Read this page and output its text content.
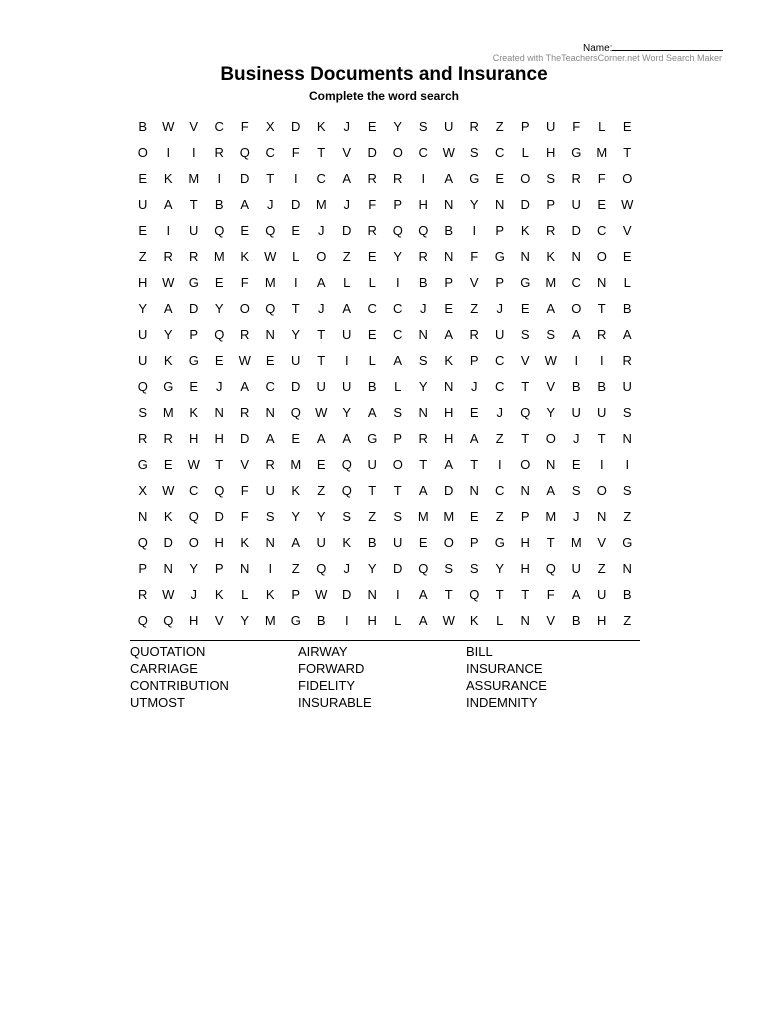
Name:
Created with TheTeachersCorner.net Word Search Maker
Business Documents and Insurance
Complete the word search
B	W	V	C	F	X	D	K	J	E	Y	S	U	R	Z	P	U	F	L	E
O	I	I	R	Q	C	F	T	V	D	O	C	W	S	C	L	H	G	M	T
E	K	M	I	D	T	I	C	A	R	R	I	A	G	E	O	S	R	F	O
U	A	T	B	A	J	D	M	J	F	P	H	N	Y	N	D	P	U	E	W
E	I	U	Q	E	Q	E	J	D	R	Q	Q	B	I	P	K	R	D	C	V
Z	R	R	M	K	W	L	O	Z	E	Y	R	N	F	G	N	K	N	O	E
H	W	G	E	F	M	I	A	L	L	I	B	P	V	P	G	M	C	N	L
Y	A	D	Y	O	Q	T	J	A	C	C	J	E	Z	J	E	A	O	T	B
U	Y	P	Q	R	N	Y	T	U	E	C	N	A	R	U	S	S	A	R	A
U	K	G	E	W	E	U	T	I	L	A	S	K	P	C	V	W	I	I	R
Q	G	E	J	A	C	D	U	U	B	L	Y	N	J	C	T	V	B	B	U
S	M	K	N	R	N	Q	W	Y	A	S	N	H	E	J	Q	Y	U	U	S
R	R	H	H	D	A	E	A	A	G	P	R	H	A	Z	T	O	J	T	N
G	E	W	T	V	R	M	E	Q	U	O	T	A	T	I	O	N	E	I	I
X	W	C	Q	F	U	K	Z	Q	T	T	A	D	N	C	N	A	S	O	S
N	K	Q	D	F	S	Y	Y	S	Z	S	M	M	E	Z	P	M	J	N	Z
Q	D	O	H	K	N	A	U	K	B	U	E	O	P	G	H	T	M	V	G
P	N	Y	P	N	I	Z	Q	J	Y	D	Q	S	S	Y	H	Q	U	Z	N
R	W	J	K	L	K	P	W	D	N	I	A	T	Q	T	T	F	A	U	B
Q	Q	H	V	Y	M	G	B	I	H	L	A	W	K	L	N	V	B	H	Z
QUOTATION	AIRWAY	BILL
CARRIAGE	FORWARD	INSURANCE
CONTRIBUTION	FIDELITY	ASSURANCE
UTMOST	INSURABLE	INDEMNITY
